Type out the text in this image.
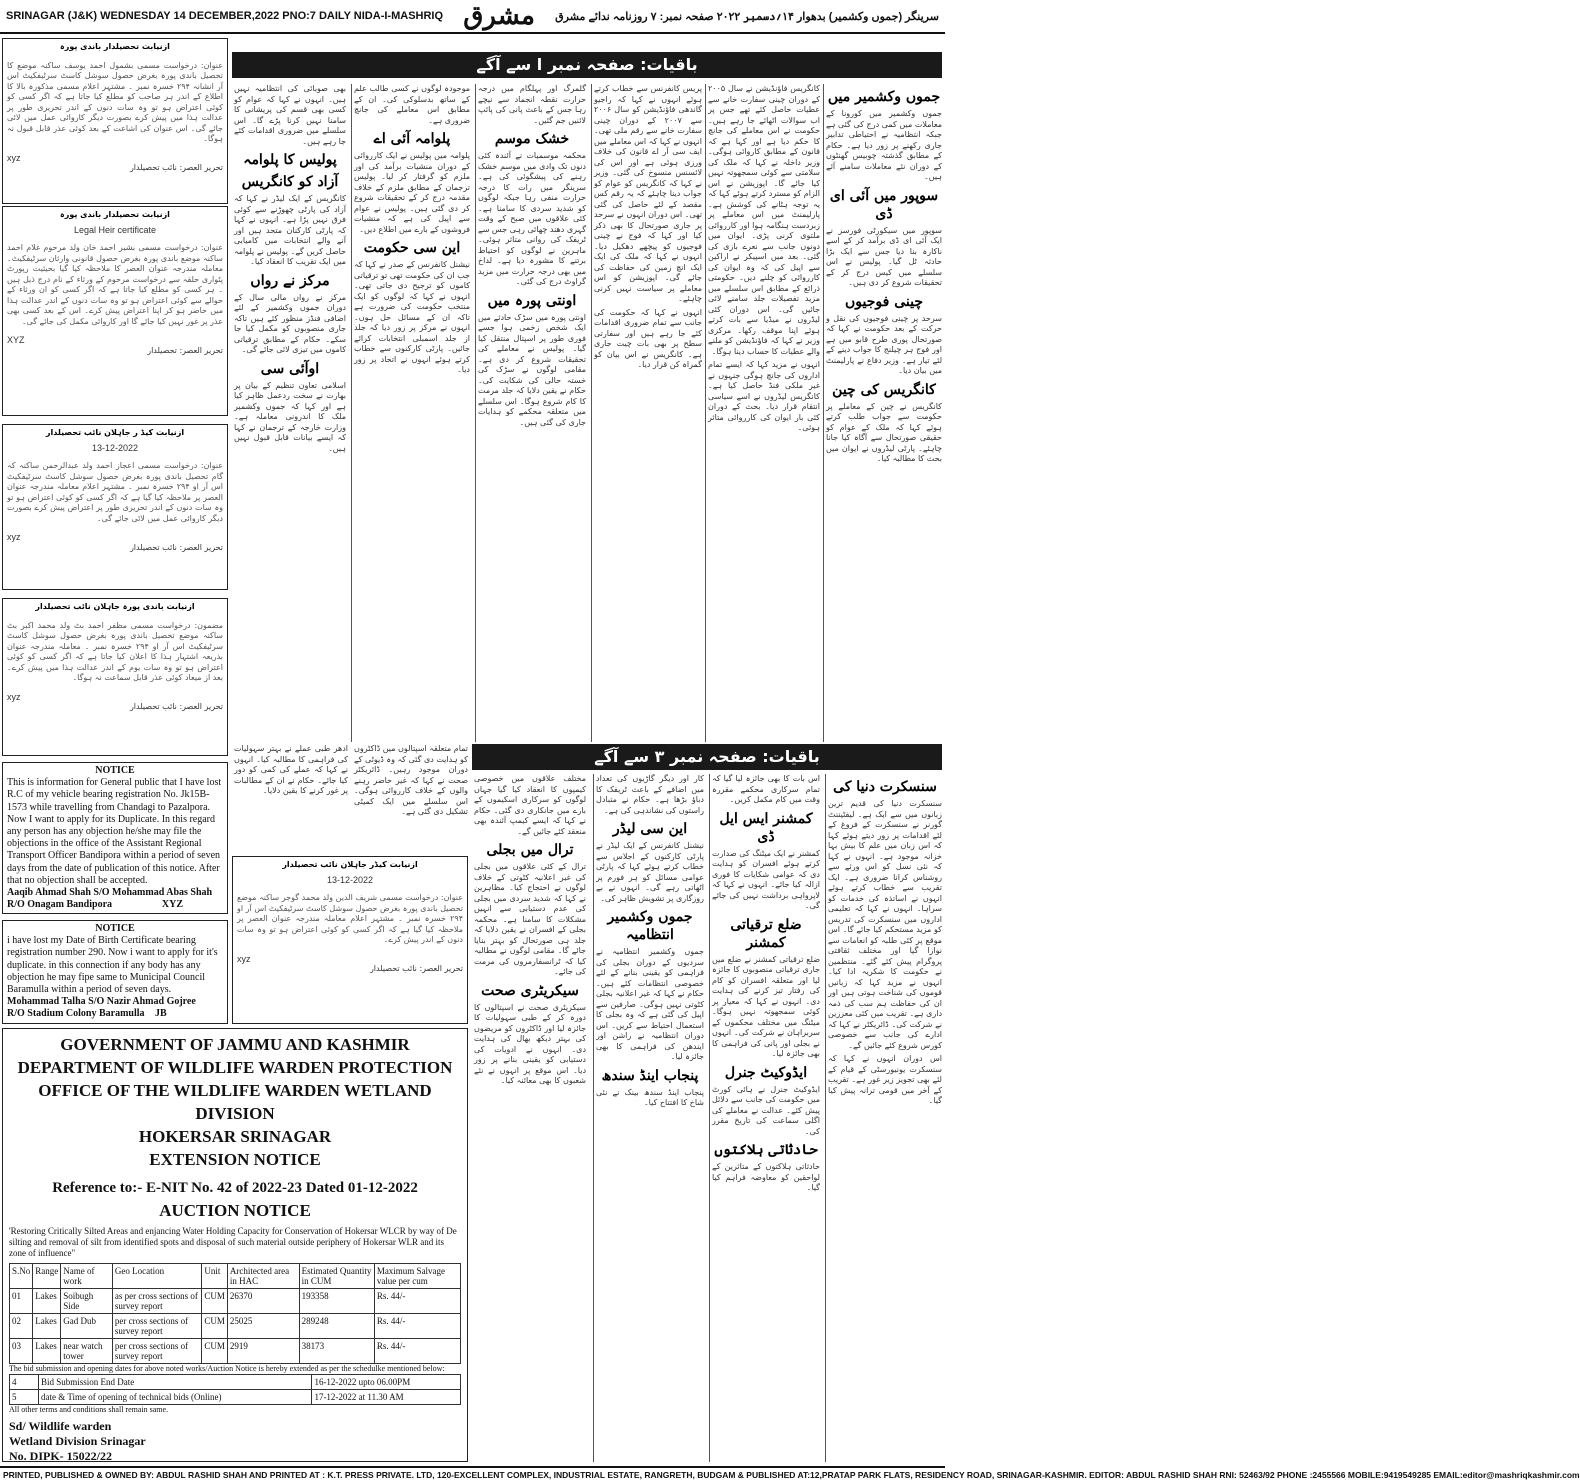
SRINAGAR (J&K) WEDNESDAY 14 DECEMBER,2022 PNO:7 DAILY NIDA-I-MASHRIQ مشرق	سرینگر (جموں وکشمیر) بدھوار ۱۴؍دسمبر ۲۰۲۲ صفحہ نمبر: ۷ روزنامہ ندائے مشرق
ازنیابت تحصیلدار باندی پورہ

عنوان: درخواست مسمی بشمول احمد یوسف ساکنہ موضع کا تحصیل باندی پورہ بغرض حصول سوشل کاسٹ سرٹیفکیٹ اس آر انشانہ ۲۹۴ خسرہ نمبر ۔ مشتہر اعلام مسمی مذکورہ بالا کا اطلاع کے اندر ہر صاحب کو مطلع کیا جاتا ہے کہ اگر کسی کو کوئی اعتراض ہو تو وہ سات دنوں کے اندر تحریری طور پر عدالت ہذا میں پیش کرے بصورت دیگر کاروائی عمل میں لائی جائے گی۔ اس عنوان کی اشاعت کے بعد کوئی عذر قابل قبول نہ ہوگا۔

xyz
تحریر العصر: نائب تحصیلدار
ازنیابت تحصیلدار باندی پورہ
Legal Heir certificate

عنوان: درخواست مسمی بشیر احمد خان ولد مرحوم غلام احمد ساکنہ موضع باندی پورہ بغرض حصول قانونی وارثان سرٹیفکیٹ۔ معاملہ مندرجہ عنوان العصر کا ملاحظہ کیا گیا بحیثیت رپورٹ پٹواری حلقہ سے درخواست مرحوم کے ورثاء کے نام درج ذیل ہیں ۔ ہر کسی کو مطلع کیا جاتا ہے کہ اگر کسی کو ان ورثاء کے حوالے سے کوئی اعتراض ہو تو وہ سات دنوں کے اندر عدالت ہذا میں حاضر ہو کر اپنا اعتراض پیش کرے۔ اس کے بعد کسی بھی عذر پر غور نہیں کیا جائے گا اور کاروائی مکمل کی جائے گی۔

XYZ
تحریر العصر: تحصیلدار
ازنیابت کیڈ ر جاہلان نائب تحصیلدار
13-12-2022

عنوان: درخواست مسمی اعجاز احمد ولد عبدالرحمن ساکنہ کہ گام تحصیل باندی پورہ بغرض حصول سوشل کاسٹ سرٹیفکیٹ اس آر او ۲۹۴ خسرہ نمبر ۔ مشتہر اعلام معاملہ مندرجہ عنوان العصر پر ملاحظہ کیا گیا ہے کہ اگر کسی کو کوئی اعتراض ہو تو وہ سات دنوں کے اندر تحریری طور پر اعتراض پیش کرے بصورت دیگر کاروائی عمل میں لائی جائے گی۔

xyz
تحریر العصر: نائب تحصیلدار
ازنیابت باندی پورہ جاہلان نائب تحصیلدار

مضمون: درخواست مسمی مظفر احمد بٹ ولد محمد اکبر بٹ ساکنہ موضع تحصیل باندی پورہ بغرض حصول سوشل کاسٹ سرٹیفکیٹ اس آر او ۲۹۴ خسرہ نمبر ۔ معاملہ مندرجہ عنوان بذریعہ اشتہار ہذا کا اعلان کیا جاتا ہے کہ اگر کسی کو کوئی اعتراض ہو تو وہ سات یوم کے اندر عدالت ہذا میں پیش کرے۔ بعد از میعاد کوئی عذر قابل سماعت نہ ہوگا۔

xyz
تحریر العصر: نائب تحصیلدار
NOTICE
This is information for General public that I have lost R.C of my vehicle bearing registration No. Jk15B-1573 while travelling from Chandagi to Pazalpora. Now I want to apply for its Duplicate. In this regard any person has any objection he/she may file the objections in the office of the Assistant Regional Transport Officer Bandipora within a period of seven days from the date of publication of this notice. After that no objection shall be accepted.
Aaqib Ahmad Shah S/O Mohammad Abas Shah
R/O Onagam Bandipora	XYZ
NOTICE
i have lost my Date of Birth Certificate bearing registration number 290. Now i want to apply for it's duplicate. in this connection if any body has any objection he may fipe same to Municipal Council Baramulla within a period of seven days.
Mohammad Talha S/O Nazir Ahmad Gojree
R/O Stadium Colony Baramulla JB
ازنیابت کیڈر جاہلان نائب تحصیلدار
13-12-2022

عنوان: درخواست مسمی شریف الدین ولد محمد گوجر ساکنہ موضع تحصیل باندی پورہ بغرض حصول سوشل کاسٹ سرٹیفکیٹ اس آر او ۲۹۴ خسرہ نمبر ۔ مشتہر اعلام معاملہ مندرجہ عنوان العصر پر ملاحظہ کیا گیا ہے کہ اگر کسی کو کوئی اعتراض ہو تو وہ سات دنوں کے اندر پیش کرے۔

xyz
تحریر العصر: نائب تحصیلدار
GOVERNMENT OF JAMMU AND KASHMIR
DEPARTMENT OF WILDLIFE WARDEN PROTECTION
OFFICE OF THE WILDLIFE WARDEN WETLAND DIVISION
HOKERSAR SRINAGAR
EXTENSION NOTICE
Reference to:- E-NIT No. 42 of 2022-23 Dated 01-12-2022
AUCTION NOTICE
'Restoring Critically Silted Areas and enjancing Water Holding Capacity for Conservation of Hokersar WLCR by way of De silting and removal of silt from identified spots and disposal of such material outside periphery of Hokersar WLR and its zone of influence"
S.No	Range	Name of work	Geo Location	Unit	Architected area in HAC	Estimated Quantity in CUM	Maximum Salvage value per cum
01	Lakes	Soibugh Side	as per cross sections of survey report	CUM	26370	193358	Rs. 44/-
02	Lakes	Gad Dub	per cross sections of survey report	CUM	25025	289248	Rs. 44/-
03	Lakes	near watch tower	per cross sections of survey report	CUM	2919	38173	Rs. 44/-
The bid submission and opening dates for above noted works/Auction Notice is hereby extended as per the schedulke mentioned below:
4	Bid Submission End Date	16-12-2022 upto 06.00PM
5	date & Time of opening of technical bids (Online)	17-12-2022 at 11.30 AM
All other terms and conditions shall remain same.
Sd/ Wildlife warden
Wetland Division Srinagar
No. DIPK- 15022/22
باقیات: صفحہ نمبر ا سے آگے
جموں وکشمیر میں

جموں وکشمیر میں کورونا کے معاملات میں کمی درج کی گئی ہے جبکہ انتظامیہ نے احتیاطی تدابیر جاری رکھنے پر زور دیا ہے۔ حکام کے مطابق گذشتہ چوبیس گھنٹوں کے دوران نئے معاملات سامنے آئے ہیں۔

سوپور میں آئی ای ڈی

سوپور میں سیکورٹی فورسز نے ایک آئی ای ڈی برآمد کر کے اسے ناکارہ بنا دیا جس سے ایک بڑا حادثہ ٹل گیا۔ پولیس نے اس سلسلے میں کیس درج کر کے تحقیقات شروع کر دی ہیں۔

چینی فوجیوں

سرحد پر چینی فوجیوں کی نقل و حرکت کے بعد حکومت نے کہا کہ صورتحال پوری طرح قابو میں ہے اور فوج ہر چیلنج کا جواب دینے کے لئے تیار ہے۔ وزیر دفاع نے پارلیمنٹ میں بیان دیا۔

کانگریس کی چین

کانگریس نے چین کے معاملے پر حکومت سے جواب طلب کرتے ہوئے کہا کہ ملک کے عوام کو حقیقی صورتحال سے آگاہ کیا جانا چاہئے۔ پارٹی لیڈروں نے ایوان میں بحث کا مطالبہ کیا۔

کانگریس فاؤنڈیشن نے سال ۲۰۰۵ کے دوران چینی سفارت خانے سے عطیات حاصل کئے تھے جس پر اب سوالات اٹھائے جا رہے ہیں۔ حکومت نے اس معاملے کی جانچ کا حکم دیا ہے اور کہا ہے کہ قانون کے مطابق کاروائی ہوگی۔ وزیر داخلہ نے کہا کہ ملک کی سلامتی سے کوئی سمجھوتہ نہیں کیا جائے گا۔ اپوزیشن نے اس الزام کو مسترد کرتے ہوئے کہا کہ یہ توجہ ہٹانے کی کوشش ہے۔ پارلیمنٹ میں اس معاملے پر زبردست ہنگامہ ہوا اور کارروائی ملتوی کرنی پڑی۔ ایوان میں دونوں جانب سے نعرے بازی کی گئی۔ بعد میں اسپیکر نے اراکین سے اپیل کی کہ وہ ایوان کی کارروائی کو چلنے دیں۔ حکومتی ذرائع کے مطابق اس سلسلے میں مزید تفصیلات جلد سامنے لائی جائیں گی۔ اس دوران کئی لیڈروں نے میڈیا سے بات کرتے ہوئے اپنا موقف رکھا۔ مرکزی وزیر نے کہا کہ فاؤنڈیشن کو ملنے والے عطیات کا حساب دینا ہوگا۔

انہوں نے مزید کہا کہ ایسے تمام اداروں کی جانچ ہوگی جنہوں نے غیر ملکی فنڈ حاصل کیا ہے۔ کانگریس لیڈروں نے اسے سیاسی انتقام قرار دیا۔ بحث کے دوران کئی بار ایوان کی کارروائی متاثر ہوئی۔

پریس کانفرنس سے خطاب کرتے ہوئے انہوں نے کہا کہ راجیو گاندھی فاؤنڈیشن کو سال ۲۰۰۶ سے ۲۰۰۷ کے دوران چینی سفارت خانے سے رقم ملی تھی۔ انہوں نے کہا کہ اس معاملے میں ایف سی آر اے قانون کی خلاف ورزی ہوئی ہے اور اس کی لائسنس منسوخ کی گئی۔ وزیر نے کہا کہ کانگریس کو عوام کو جواب دینا چاہئے کہ یہ رقم کس مقصد کے لئے حاصل کی گئی تھی۔ اس دوران انہوں نے سرحد پر جاری صورتحال کا بھی ذکر کیا اور کہا کہ فوج نے چینی فوجیوں کو پیچھے دھکیل دیا۔ انہوں نے کہا کہ ملک کی ایک ایک انچ زمین کی حفاظت کی جائے گی۔ اپوزیشن کو اس معاملے پر سیاست نہیں کرنی چاہئے۔

انہوں نے کہا کہ حکومت کی جانب سے تمام ضروری اقدامات کئے جا رہے ہیں اور سفارتی سطح پر بھی بات چیت جاری ہے۔ کانگریس نے اس بیان کو گمراہ کن قرار دیا۔

گلمرگ اور پہلگام میں درجہ حرارت نقطہ انجماد سے نیچے رہا جس کے باعث پانی کی پائپ لائنیں جم گئیں۔

خشک موسم

محکمہ موسمیات نے آئندہ کئی دنوں تک وادی میں موسم خشک رہنے کی پیشگوئی کی ہے۔ سرینگر میں رات کا درجہ حرارت منفی رہا جبکہ لوگوں کو شدید سردی کا سامنا ہے۔ کئی علاقوں میں صبح کے وقت گہری دھند چھائی رہی جس سے ٹریفک کی روانی متاثر ہوئی۔ ماہرین نے لوگوں کو احتیاط برتنے کا مشورہ دیا ہے۔ لداخ میں بھی درجہ حرارت میں مزید گراوٹ درج کی گئی۔

اونتی پورہ میں

اونتی پورہ میں سڑک حادثے میں ایک شخص زخمی ہوا جسے فوری طور پر اسپتال منتقل کیا گیا۔ پولیس نے معاملے کی تحقیقات شروع کر دی ہے۔ مقامی لوگوں نے سڑک کی خستہ حالی کی شکایت کی۔ حکام نے یقین دلایا کہ جلد مرمت کا کام شروع ہوگا۔ اس سلسلے میں متعلقہ محکمے کو ہدایات جاری کی گئی ہیں۔

موجودہ لوگوں نے کسی طالب علم کے ساتھ بدسلوکی کی۔ ان کے مطابق اس معاملے کی جانچ ضروری ہے۔

پلوامہ آئی اے

پلوامہ میں پولیس نے ایک کارروائی کے دوران منشیات برآمد کی اور ملزم کو گرفتار کر لیا۔ پولیس ترجمان کے مطابق ملزم کے خلاف مقدمہ درج کر کے تحقیقات شروع کر دی گئی ہیں۔ پولیس نے عوام سے اپیل کی ہے کہ منشیات فروشوں کے بارے میں اطلاع دیں۔

این سی حکومت

نیشنل کانفرنس کے صدر نے کہا کہ جب ان کی حکومت تھی تو ترقیاتی کاموں کو ترجیح دی جاتی تھی۔ انہوں نے کہا کہ لوگوں کو ایک منتخب حکومت کی ضرورت ہے تاکہ ان کے مسائل حل ہوں۔ انہوں نے مرکز پر زور دیا کہ جلد از جلد اسمبلی انتخابات کرائے جائیں۔ پارٹی کارکنوں سے خطاب کرتے ہوئے انہوں نے اتحاد پر زور دیا۔

بھی صوبائی کی انتظامیہ نہیں ہیں۔ انہوں نے کہا کہ عوام کو کسی بھی قسم کی پریشانی کا سامنا نہیں کرنا پڑے گا۔ اس سلسلے میں ضروری اقدامات کئے جا رہے ہیں۔

پولیس کا پلوامہ
آزاد کو کانگریس

کانگریس کے ایک لیڈر نے کہا کہ آزاد کی پارٹی چھوڑنے سے کوئی فرق نہیں پڑا ہے۔ انہوں نے کہا کہ پارٹی کارکنان متحد ہیں اور آنے والے انتخابات میں کامیابی حاصل کریں گے۔ پولیس نے پلوامہ میں ایک تقریب کا انعقاد کیا۔

مرکز نے رواں

مرکز نے رواں مالی سال کے دوران جموں وکشمیر کے لئے اضافی فنڈز منظور کئے ہیں تاکہ جاری منصوبوں کو مکمل کیا جا سکے۔ حکام کے مطابق ترقیاتی کاموں میں تیزی لائی جائے گی۔

اوآئی سی

اسلامی تعاون تنظیم کے بیان پر بھارت نے سخت ردعمل ظاہر کیا ہے اور کہا کہ جموں وکشمیر ملک کا اندرونی معاملہ ہے۔ وزارت خارجہ کے ترجمان نے کہا کہ ایسے بیانات قابل قبول نہیں ہیں۔

باقیات: صفحہ نمبر ۳ سے آگے
سنسکرت دنیا کی

سنسکرت دنیا کی قدیم ترین زبانوں میں سے ایک ہے۔ لیفٹیننٹ گورنر نے سنسکرت کے فروغ کے لئے اقدامات پر زور دیتے ہوئے کہا کہ اس زبان میں علم کا بیش بہا خزانہ موجود ہے۔ انہوں نے کہا کہ نئی نسل کو اس ورثے سے روشناس کرانا ضروری ہے۔ ایک تقریب سے خطاب کرتے ہوئے انہوں نے اساتذہ کی خدمات کو سراہا۔ انہوں نے کہا کہ تعلیمی اداروں میں سنسکرت کی تدریس کو مزید مستحکم کیا جائے گا۔ اس موقع پر کئی طلبہ کو انعامات سے نوازا گیا اور مختلف ثقافتی پروگرام پیش کئے گئے۔ منتظمین نے حکومت کا شکریہ ادا کیا۔ انہوں نے مزید کہا کہ زبانیں قوموں کی شناخت ہوتی ہیں اور ان کی حفاظت ہم سب کی ذمہ داری ہے۔ تقریب میں کئی معززین نے شرکت کی۔ ڈائریکٹر نے کہا کہ ادارے کی جانب سے خصوصی کورس شروع کئے جائیں گے۔

اس دوران انہوں نے کہا کہ سنسکرت یونیورسٹی کے قیام کے لئے بھی تجویز زیر غور ہے۔ تقریب کے آخر میں قومی ترانہ پیش کیا گیا۔

اس بات کا بھی جائزہ لیا گیا کہ تمام سرکاری محکمے مقررہ وقت میں کام مکمل کریں۔

کمشنر ایس ایل ڈی

کمشنر نے ایک میٹنگ کی صدارت کرتے ہوئے افسران کو ہدایت دی کہ عوامی شکایات کا فوری ازالہ کیا جائے۔ انہوں نے کہا کہ لاپرواہی برداشت نہیں کی جائے گی۔

ضلع ترقیاتی کمشنر

ضلع ترقیاتی کمشنر نے ضلع میں جاری ترقیاتی منصوبوں کا جائزہ لیا اور متعلقہ افسران کو کام کی رفتار تیز کرنے کی ہدایت دی۔ انہوں نے کہا کہ معیار پر کوئی سمجھوتہ نہیں ہوگا۔ میٹنگ میں مختلف محکموں کے سربراہان نے شرکت کی۔ انہوں نے بجلی اور پانی کی فراہمی کا بھی جائزہ لیا۔

ایڈوکیٹ جنرل

ایڈوکیٹ جنرل نے ہائی کورٹ میں حکومت کی جانب سے دلائل پیش کئے۔ عدالت نے معاملے کی اگلی سماعت کی تاریخ مقرر کی۔

حادثاتی ہلاکتوں

حادثاتی ہلاکتوں کے متاثرین کے لواحقین کو معاوضہ فراہم کیا گیا۔

کار اور دیگر گاڑیوں کی تعداد میں اضافے کے باعث ٹریفک کا دباؤ بڑھا ہے۔ حکام نے متبادل راستوں کی نشاندہی کی ہے۔

این سی لیڈر

نیشنل کانفرنس کے ایک لیڈر نے پارٹی کارکنوں کے اجلاس سے خطاب کرتے ہوئے کہا کہ پارٹی عوامی مسائل کو ہر فورم پر اٹھاتی رہے گی۔ انہوں نے بے روزگاری پر تشویش ظاہر کی۔

جموں وکشمیر انتظامیہ

جموں وکشمیر انتظامیہ نے سردیوں کے دوران بجلی کی فراہمی کو یقینی بنانے کے لئے خصوصی انتظامات کئے ہیں۔ حکام نے کہا کہ غیر اعلانیہ بجلی کٹوتی نہیں ہوگی۔ صارفین سے اپیل کی گئی ہے کہ وہ بجلی کا استعمال احتیاط سے کریں۔ اس دوران انتظامیہ نے راشن اور ایندھن کی فراہمی کا بھی جائزہ لیا۔

پنجاب اینڈ سندھ

پنجاب اینڈ سندھ بینک نے نئی شاخ کا افتتاح کیا۔

مختلف علاقوں میں خصوصی کیمپوں کا انعقاد کیا گیا جہاں لوگوں کو سرکاری اسکیموں کے بارے میں جانکاری دی گئی۔ حکام نے کہا کہ ایسے کیمپ آئندہ بھی منعقد کئے جائیں گے۔

ترال میں بجلی

ترال کے کئی علاقوں میں بجلی کی غیر اعلانیہ کٹوتی کے خلاف لوگوں نے احتجاج کیا۔ مظاہرین نے کہا کہ شدید سردی میں بجلی کی عدم دستیابی سے انہیں مشکلات کا سامنا ہے۔ محکمہ بجلی کے افسران نے یقین دلایا کہ جلد ہی صورتحال کو بہتر بنایا جائے گا۔ مقامی لوگوں نے مطالبہ کیا کہ ٹرانسفارمروں کی مرمت کی جائے۔

سیکریٹری صحت

سیکریٹری صحت نے اسپتالوں کا دورہ کر کے طبی سہولیات کا جائزہ لیا اور ڈاکٹروں کو مریضوں کی بہتر دیکھ بھال کی ہدایت دی۔ انہوں نے ادویات کی دستیابی کو یقینی بنانے پر زور دیا۔ اس موقع پر انہوں نے نئے شعبوں کا بھی معائنہ کیا۔

تمام متعلقہ اسپتالوں میں ڈاکٹروں کو ہدایت دی گئی کہ وہ ڈیوٹی کے دوران موجود رہیں۔ ڈائریکٹر صحت نے کہا کہ غیر حاضر رہنے والوں کے خلاف کارروائی ہوگی۔ اس سلسلے میں ایک کمیٹی تشکیل دی گئی ہے۔

ادھر طبی عملے نے بہتر سہولیات کی فراہمی کا مطالبہ کیا۔ انہوں نے کہا کہ عملے کی کمی کو دور کیا جائے۔ حکام نے ان کے مطالبات پر غور کرنے کا یقین دلایا۔

PRINTED, PUBLISHED & OWNED BY: ABDUL RASHID SHAH AND PRINTED AT : K.T. PRESS PRIVATE. LTD, 120-EXCELLENT COMPLEX, INDUSTRIAL ESTATE, RANGRETH, BUDGAM & PUBLISHED AT:12,PRATAP PARK FLATS, RESIDENCY ROAD, SRINAGAR-KASHMIR. EDITOR: ABDUL RASHID SHAH RNI: 52463/92 PHONE :2455566 MOBILE:9419549285 EMAIL:editor@mashriqkashmir.com
